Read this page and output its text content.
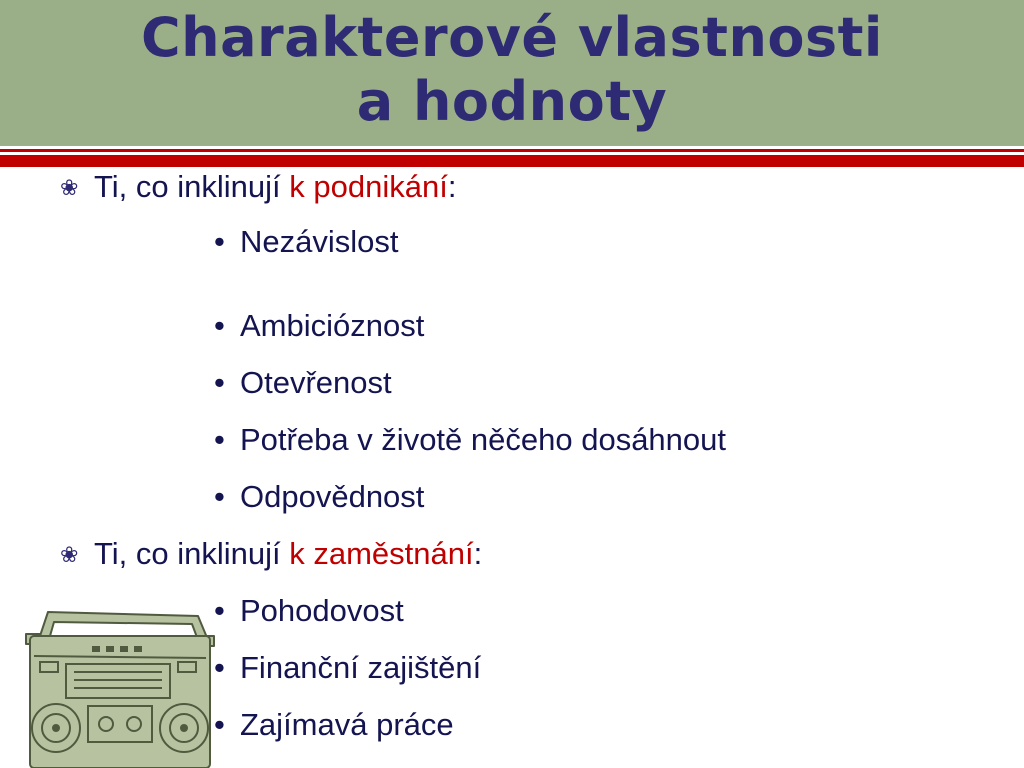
Charakterové vlastnosti
a hodnoty
❀ Ti, co inklinují k podnikání:
• Nezávislost
• Ambicióznost
• Otevřenost
• Potřeba v životě něčeho dosáhnout
• Odpovědnost
❀ Ti, co inklinují k zaměstnání:
• Pohodovost
• Finanční zajištění
• Zajímavá práce
